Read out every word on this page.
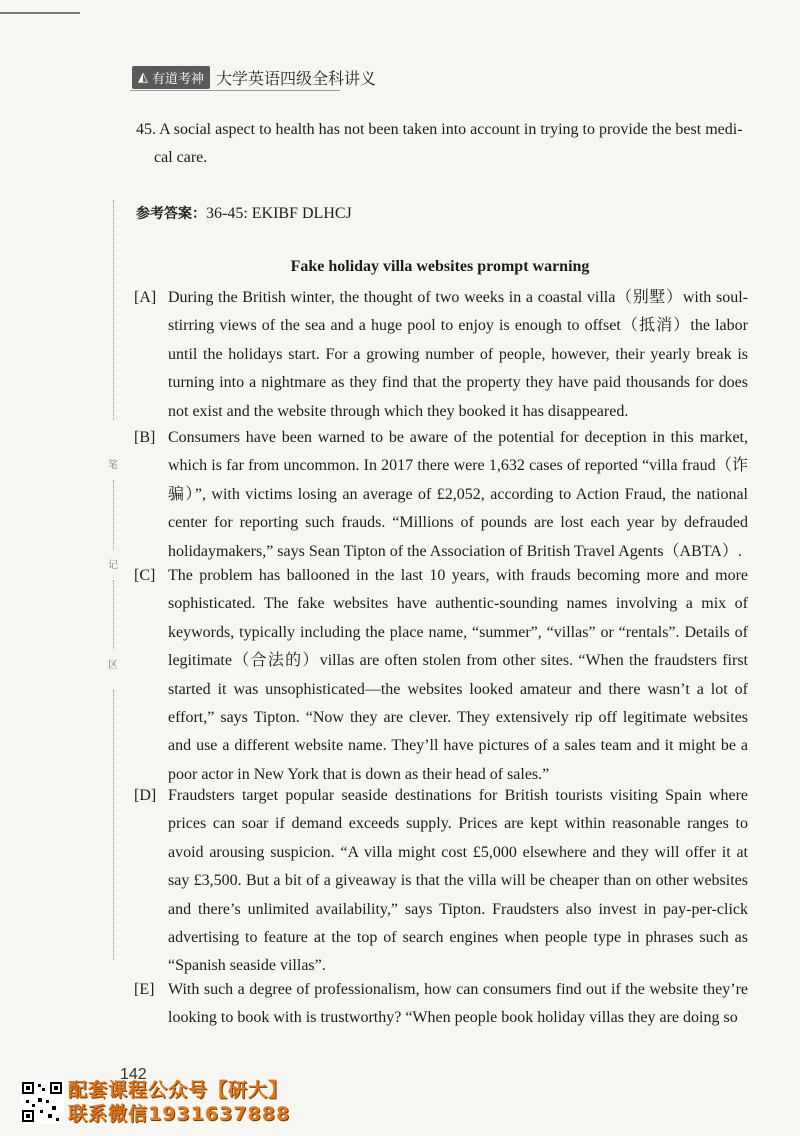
◭ 有道考神 大学英语四级全科讲义
45. A social aspect to health has not been taken into account in trying to provide the best medi-
cal care.
参考答案：36-45: EKIBF DLHCJ
Fake holiday villa websites prompt warning
[A] During the British winter, the thought of two weeks in a coastal villa（别墅）with soul-stirring views of the sea and a huge pool to enjoy is enough to offset（抵消）the labor until the holidays start. For a growing number of people, however, their yearly break is turning into a nightmare as they find that the property they have paid thousands for does not exist and the website through which they booked it has disappeared.
[B] Consumers have been warned to be aware of the potential for deception in this market, which is far from uncommon. In 2017 there were 1,632 cases of reported “villa fraud（诈骗）”, with victims losing an average of £2,052, according to Action Fraud, the national center for reporting such frauds. “Millions of pounds are lost each year by defrauded holidaymakers,” says Sean Tipton of the Association of British Travel Agents（ABTA）.
[C] The problem has ballooned in the last 10 years, with frauds becoming more and more sophisticated. The fake websites have authentic-sounding names involving a mix of keywords, typically including the place name, “summer”, “villas” or “rentals”. Details of legitimate（合法的）villas are often stolen from other sites. “When the fraudsters first started it was unsophisticated—the websites looked amateur and there wasn’t a lot of effort,” says Tipton. “Now they are clever. They extensively rip off legitimate websites and use a different website name. They’ll have pictures of a sales team and it might be a poor actor in New York that is down as their head of sales.”
[D] Fraudsters target popular seaside destinations for British tourists visiting Spain where prices can soar if demand exceeds supply. Prices are kept within reasonable ranges to avoid arousing suspicion. “A villa might cost £5,000 elsewhere and they will offer it at say £3,500. But a bit of a giveaway is that the villa will be cheaper than on other websites and there’s unlimited availability,” says Tipton. Fraudsters also invest in pay-per-click advertising to feature at the top of search engines when people type in phrases such as “Spanish seaside villas”.
[E] With such a degree of professionalism, how can consumers find out if the website they’re looking to book with is trustworthy? “When people book holiday villas they are doing so
笔
记
区
142
配套课程公众号【研大】
联系微信1931637888
